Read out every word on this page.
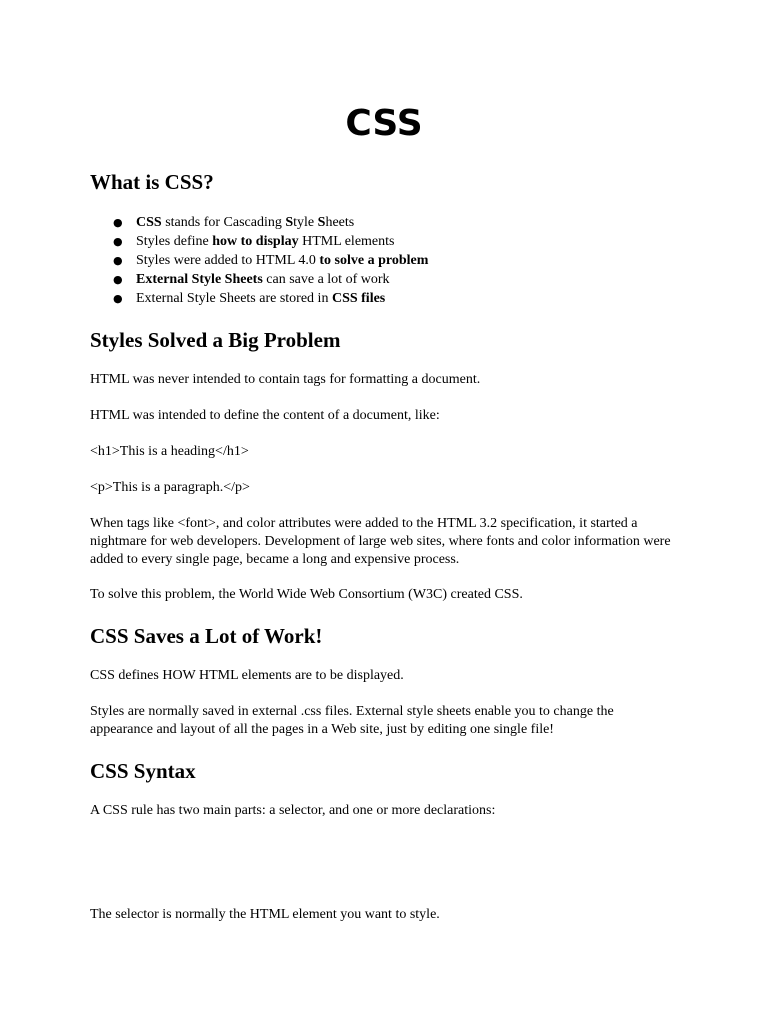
CSS
What is CSS?
● CSS stands for Cascading Style Sheets
● Styles define how to display HTML elements
● Styles were added to HTML 4.0 to solve a problem
● External Style Sheets can save a lot of work
● External Style Sheets are stored in CSS files
Styles Solved a Big Problem
HTML was never intended to contain tags for formatting a document.
HTML was intended to define the content of a document, like:
<h1>This is a heading</h1>
<p>This is a paragraph.</p>
When tags like <font>, and color attributes were added to the HTML 3.2 specification, it started a nightmare for web developers. Development of large web sites, where fonts and color information were added to every single page, became a long and expensive process.
To solve this problem, the World Wide Web Consortium (W3C) created CSS.
CSS Saves a Lot of Work!
CSS defines HOW HTML elements are to be displayed.
Styles are normally saved in external .css files. External style sheets enable you to change the appearance and layout of all the pages in a Web site, just by editing one single file!
CSS Syntax
A CSS rule has two main parts: a selector, and one or more declarations:
The selector is normally the HTML element you want to style.
